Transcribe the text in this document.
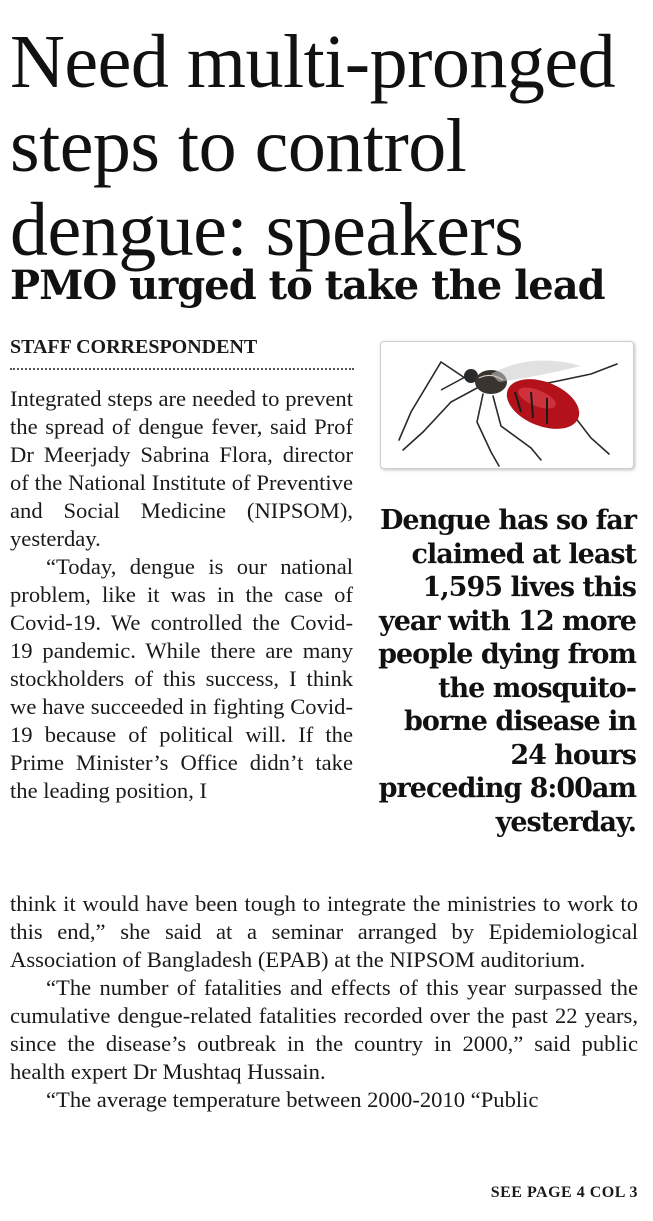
Need multi-pronged
steps to control
dengue: speakers
PMO urged to take the lead
STAFF CORRESPONDENT
Dengue has so far claimed at least 1,595 lives this year with 12 more people dying from the mosquito-borne disease in 24 hours preceding 8:00am yesterday.

Integrated steps are needed to prevent the spread of dengue fever, said Prof Dr Meerjady Sabrina Flora, director of the National Institute of Preventive and Social Medicine (NIPSOM), yesterday.

“Today, dengue is our national problem, like it was in the case of Covid-19. We controlled the Covid-19 pandemic. While there are many stockholders of this success, I think we have succeeded in fighting Covid-19 because of political will. If the Prime Minister’s Office didn’t take the leading position, I

think it would have been tough to integrate the ministries to work to this end,” she said at a seminar arranged by Epidemiological Association of Bangladesh (EPAB) at the NIPSOM auditorium.

“The number of fatalities and effects of this year surpassed the cumulative dengue-related fatalities recorded over the past 22 years, since the disease’s outbreak in the country in 2000,” said public health expert Dr Mushtaq Hussain.

“The average temperature between 2000-2010 “Public

SEE PAGE 4 COL 3
